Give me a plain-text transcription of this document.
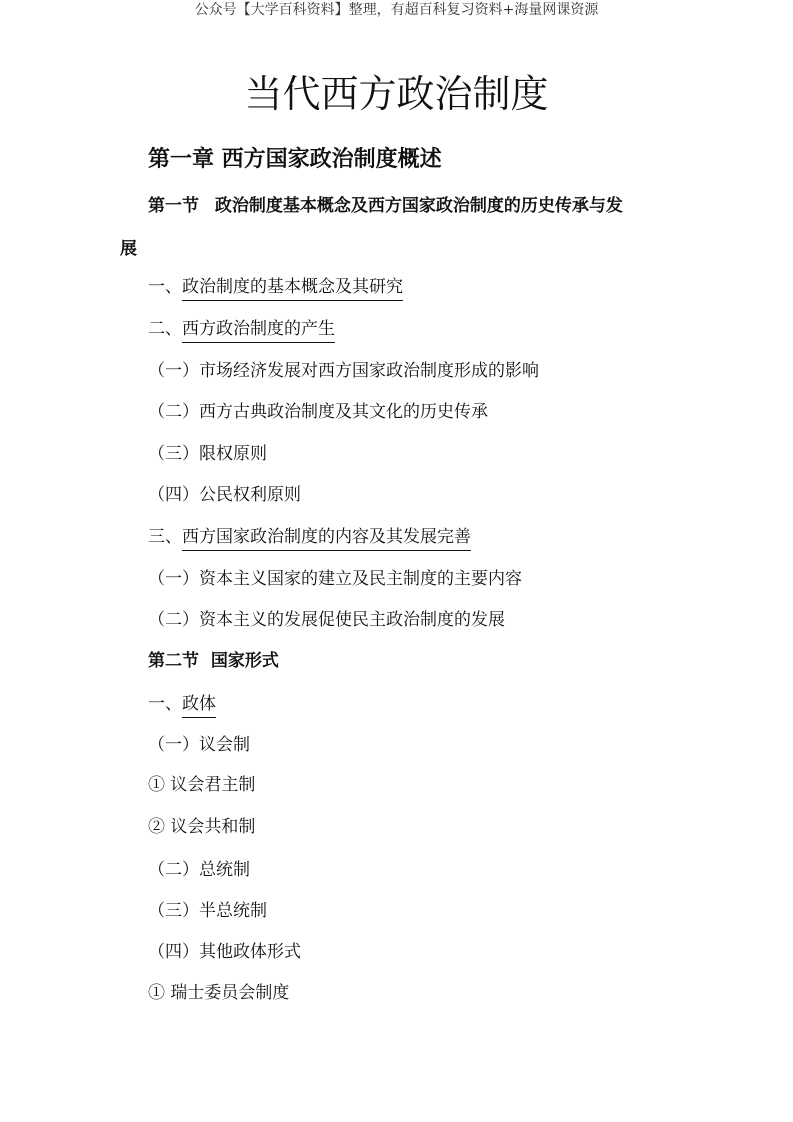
公众号【大学百科资料】整理，有超百科复习资料+海量网课资源
当代西方政治制度
第一章 西方国家政治制度概述
第一节 政治制度基本概念及西方国家政治制度的历史传承与发
展
一、政治制度的基本概念及其研究
二、西方政治制度的产生
（一）市场经济发展对西方国家政治制度形成的影响
（二）西方古典政治制度及其文化的历史传承
（三）限权原则
（四）公民权利原则
三、西方国家政治制度的内容及其发展完善
（一）资本主义国家的建立及民主制度的主要内容
（二）资本主义的发展促使民主政治制度的发展
第二节 国家形式
一、政体
（一）议会制
① 议会君主制
② 议会共和制
（二）总统制
（三）半总统制
（四）其他政体形式
① 瑞士委员会制度
